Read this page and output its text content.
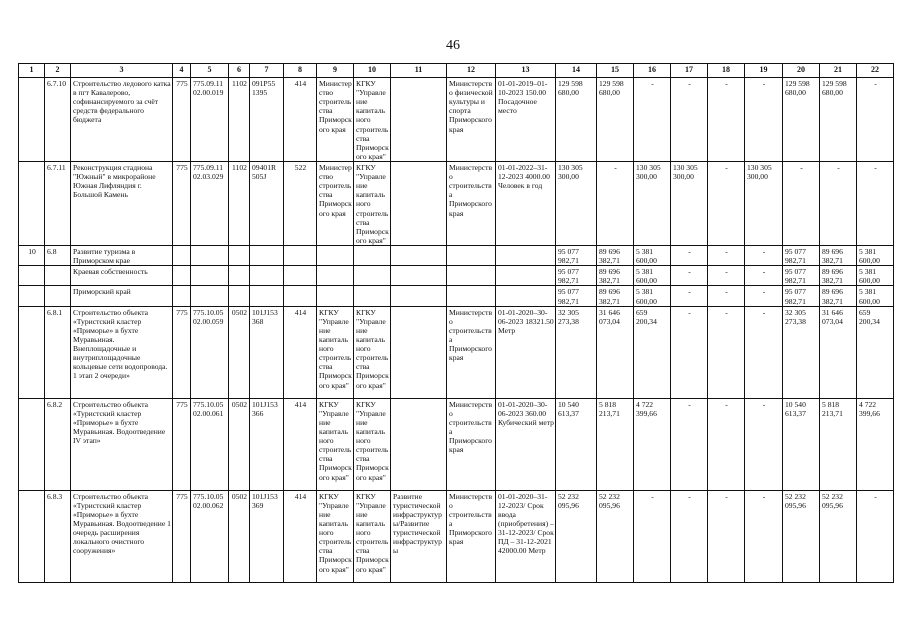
46
1	2	3	4	5	6	7	8	9	10	11	12	13	14	15	16	17	18	19	20	21	22
	6.7.10	Строительство ледового катка в пгт Кавалерово, софинансируемого за счёт средств федерального бюджета	775	775.09.11 02.00.019	1102	091P55 1395	414	Министерство строительства Приморского края	КГКУ "Управление капитального строительства Приморского края"		Министерство физической культуры и спорта Приморского края	01-01-2019–01-10-2023 150.00 Посадочное место	129 598 680,00	129 598 680,00	-	-	-	-	129 598 680,00	129 598 680,00	-
	6.7.11	Реконструкция стадиона "Южный" в микрорайоне Южная Лифляндия г. Большой Камень	775	775.09.11 02.03.029	1102	09401R 505J	522	Министерство строительства Приморского края	КГКУ "Управление капитального строительства Приморского края"		Министерство строительства Приморского края	01-01-2022–31-12-2023 4000.00 Человек в год	130 305 300,00	-	130 305 300,00	130 305 300,00	-	130 305 300,00	-	-	-
10	6.8	Развитие туризма в Приморском крае											95 077 982,71	89 696 382,71	5 381 600,00	-	-	-	95 077 982,71	89 696 382,71	5 381 600,00
		Краевая собственность											95 077 982,71	89 696 382,71	5 381 600,00	-	-	-	95 077 982,71	89 696 382,71	5 381 600,00
		Приморский край											95 077 982,71	89 696 382,71	5 381 600,00	-	-	-	95 077 982,71	89 696 382,71	5 381 600,00
	6.8.1	Строительство объекта «Туристский кластер «Приморье» в бухте Муравьиная. Внеплощадочные и внутриплощадочные кольцевые сети водопровода. 1 этап 2 очереди»	775	775.10.05 02.00.059	0502	101J153 368	414	КГКУ "Управление капитального строительства Приморского края"	КГКУ "Управление капитального строительства Приморского края"		Министерство строительства Приморского края	01-01-2020–30-06-2023 18321.50 Метр	32 305 273,38	31 646 073,04	659 200,34	-	-	-	32 305 273,38	31 646 073,04	659 200,34
	6.8.2	Строительство объекта «Туристский кластер «Приморье» в бухте Муравьиная. Водоотведение IV этап»	775	775.10.05 02.00.061	0502	101J153 366	414	КГКУ "Управление капитального строительства Приморского края"	КГКУ "Управление капитального строительства Приморского края"		Министерство строительства Приморского края	01-01-2020–30-06-2023 360.00 Кубический метр	10 540 613,37	5 818 213,71	4 722 399,66	-	-	-	10 540 613,37	5 818 213,71	4 722 399,66
	6.8.3	Строительство объекта «Туристский кластер «Приморье» в бухте Муравьиная. Водоотведение 1 очередь расширения локального очистного сооружения»	775	775.10.05 02.00.062	0502	101J153 369	414	КГКУ "Управление капитального строительства Приморского края"	КГКУ "Управление капитального строительства Приморского края"	Развитие туристической инфраструктуры/Развитие туристической инфраструктуры	Министерство строительства Приморского края	01-01-2020–31-12-2023/ Срок ввода (приобретения) – 31-12-2023/ Срок ПД – 31-12-2021 42000.00 Метр	52 232 095,96	52 232 095,96	-	-	-	-	52 232 095,96	52 232 095,96	-
